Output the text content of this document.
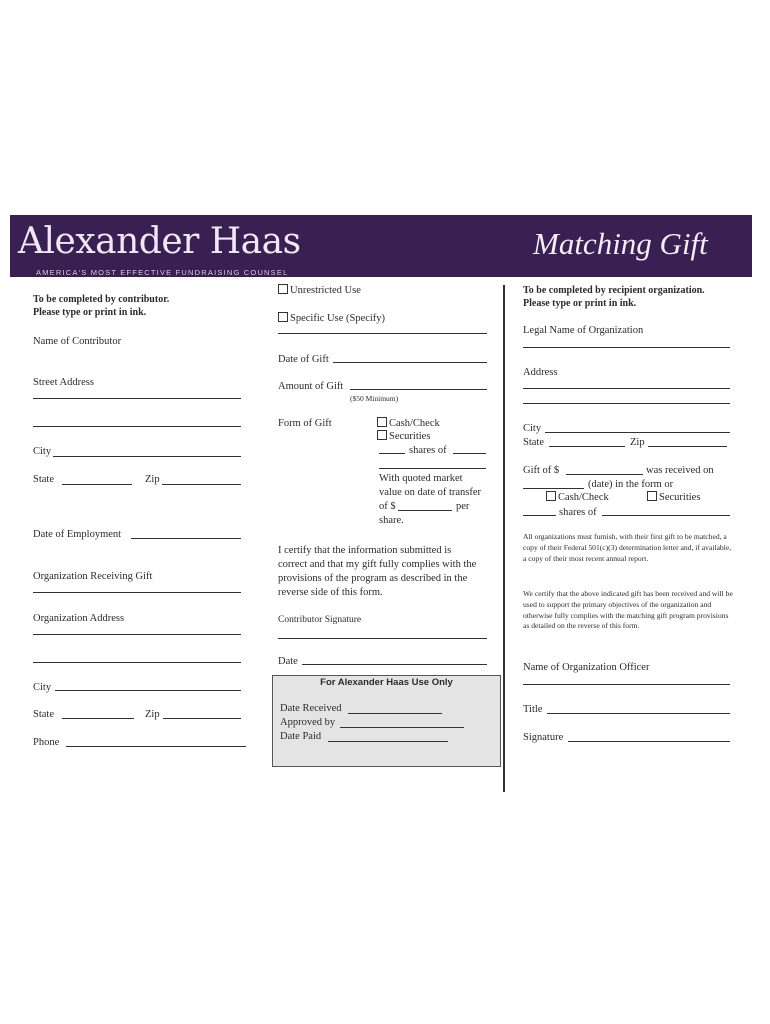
Alexander Haas
AMERICA'S MOST EFFECTIVE FUNDRAISING COUNSEL
Matching Gift
To be completed by contributor.
Please type or print in ink.
Name of Contributor
Street Address
City
State	Zip
Date of Employment
Organization Receiving Gift
Organization Address
City
State	Zip
Phone
Unrestricted Use
Specific Use (Specify)
Date of Gift
Amount of Gift
($50 Minimum)
Form of Gift	Cash/Check
Securities
shares of
With quoted market
value on date of transfer
of $	per
share.
I certify that the information submitted is
correct and that my gift fully complies with the
provisions of the program as described in the
reverse side of this form.
Contributor Signature
Date
For Alexander Haas Use Only
Date Received
Approved by
Date Paid
To be completed by recipient organization.
Please type or print in ink.
Legal Name of Organization
Address
City
State	Zip
Gift of $	was received on
(date) in the form or
Cash/Check	Securities
shares of
All organizations must furnish, with their first gift to be matched, a copy of their Federal 501(c)(3) determination letter and, if available, a copy of their most recent annual report.
We certify that the above indicated gift has been received and will be used to support the primary objectives of the organization and otherwise fully complies with the matching gift program provisions as detailed on the reverse of this form.
Name of Organization Officer
Title
Signature
